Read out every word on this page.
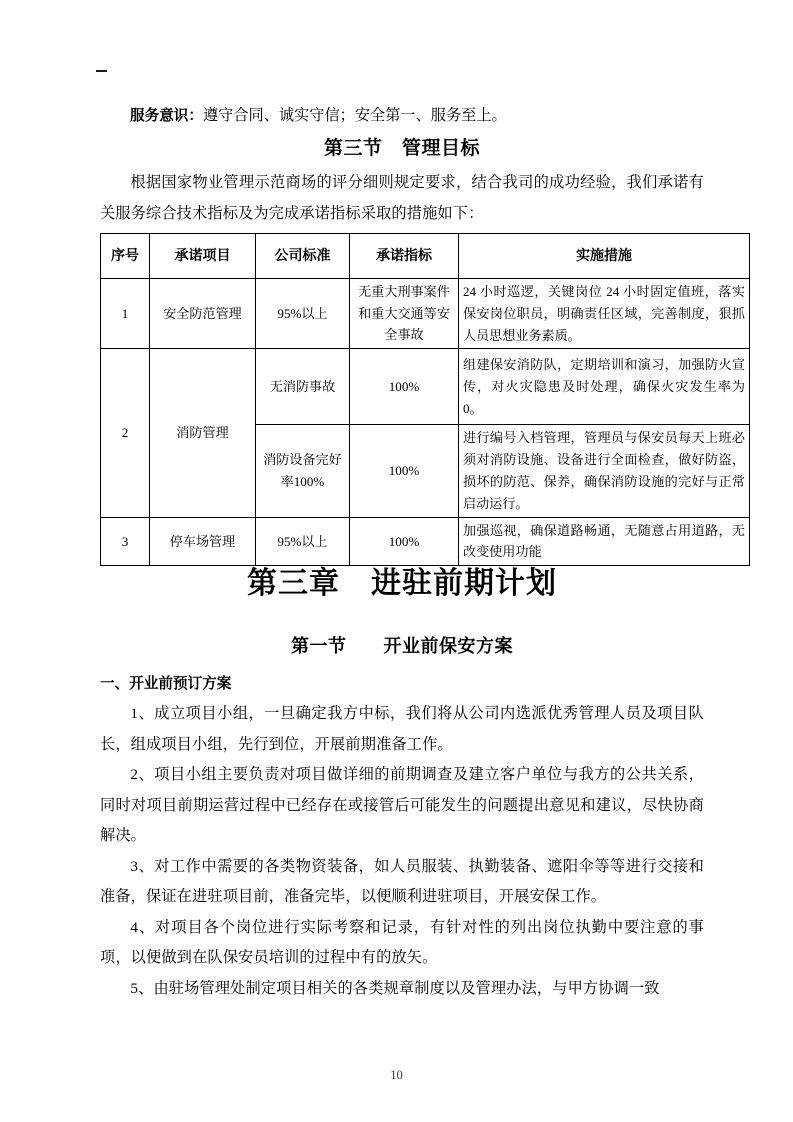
服务意识：遵守合同、诚实守信；安全第一、服务至上。
第三节　管理目标

根据国家物业管理示范商场的评分细则规定要求，结合我司的成功经验，我们承诺有关服务综合技术指标及为完成承诺指标采取的措施如下：

序号	承诺项目	公司标准	承诺指标	实施措施
1	安全防范管理	95%以上	无重大刑事案件和重大交通等安全事故	24 小时巡逻，关键岗位 24 小时固定值班，落实保安岗位职员，明确责任区域，完善制度，狠抓人员思想业务素质。
2	消防管理	无消防事故	100%	组建保安消防队，定期培训和演习，加强防火宣传，对火灾隐患及时处理，确保火灾发生率为 0。
		消防设备完好率100%	100%	进行编号入档管理，管理员与保安员每天上班必须对消防设施、设备进行全面检查，做好防盗，损坏的防范、保养，确保消防设施的完好与正常启动运行。
3	停车场管理	95%以上	100%	加强巡视，确保道路畅通，无随意占用道路，无改变使用功能
第三章　进驻前期计划
第一节　　开业前保安方案
一、开业前预订方案

1、成立项目小组，一旦确定我方中标，我们将从公司内选派优秀管理人员及项目队长，组成项目小组，先行到位，开展前期准备工作。

2、项目小组主要负责对项目做详细的前期调查及建立客户单位与我方的公共关系，同时对项目前期运营过程中已经存在或接管后可能发生的问题提出意见和建议，尽快协商解决。

3、对工作中需要的各类物资装备，如人员服装、执勤装备、遮阳伞等等进行交接和准备，保证在进驻项目前，准备完毕，以便顺利进驻项目，开展安保工作。

4、对项目各个岗位进行实际考察和记录，有针对性的列出岗位执勤中要注意的事项，以便做到在队保安员培训的过程中有的放矢。

5、由驻场管理处制定项目相关的各类规章制度以及管理办法，与甲方协调一致

10
